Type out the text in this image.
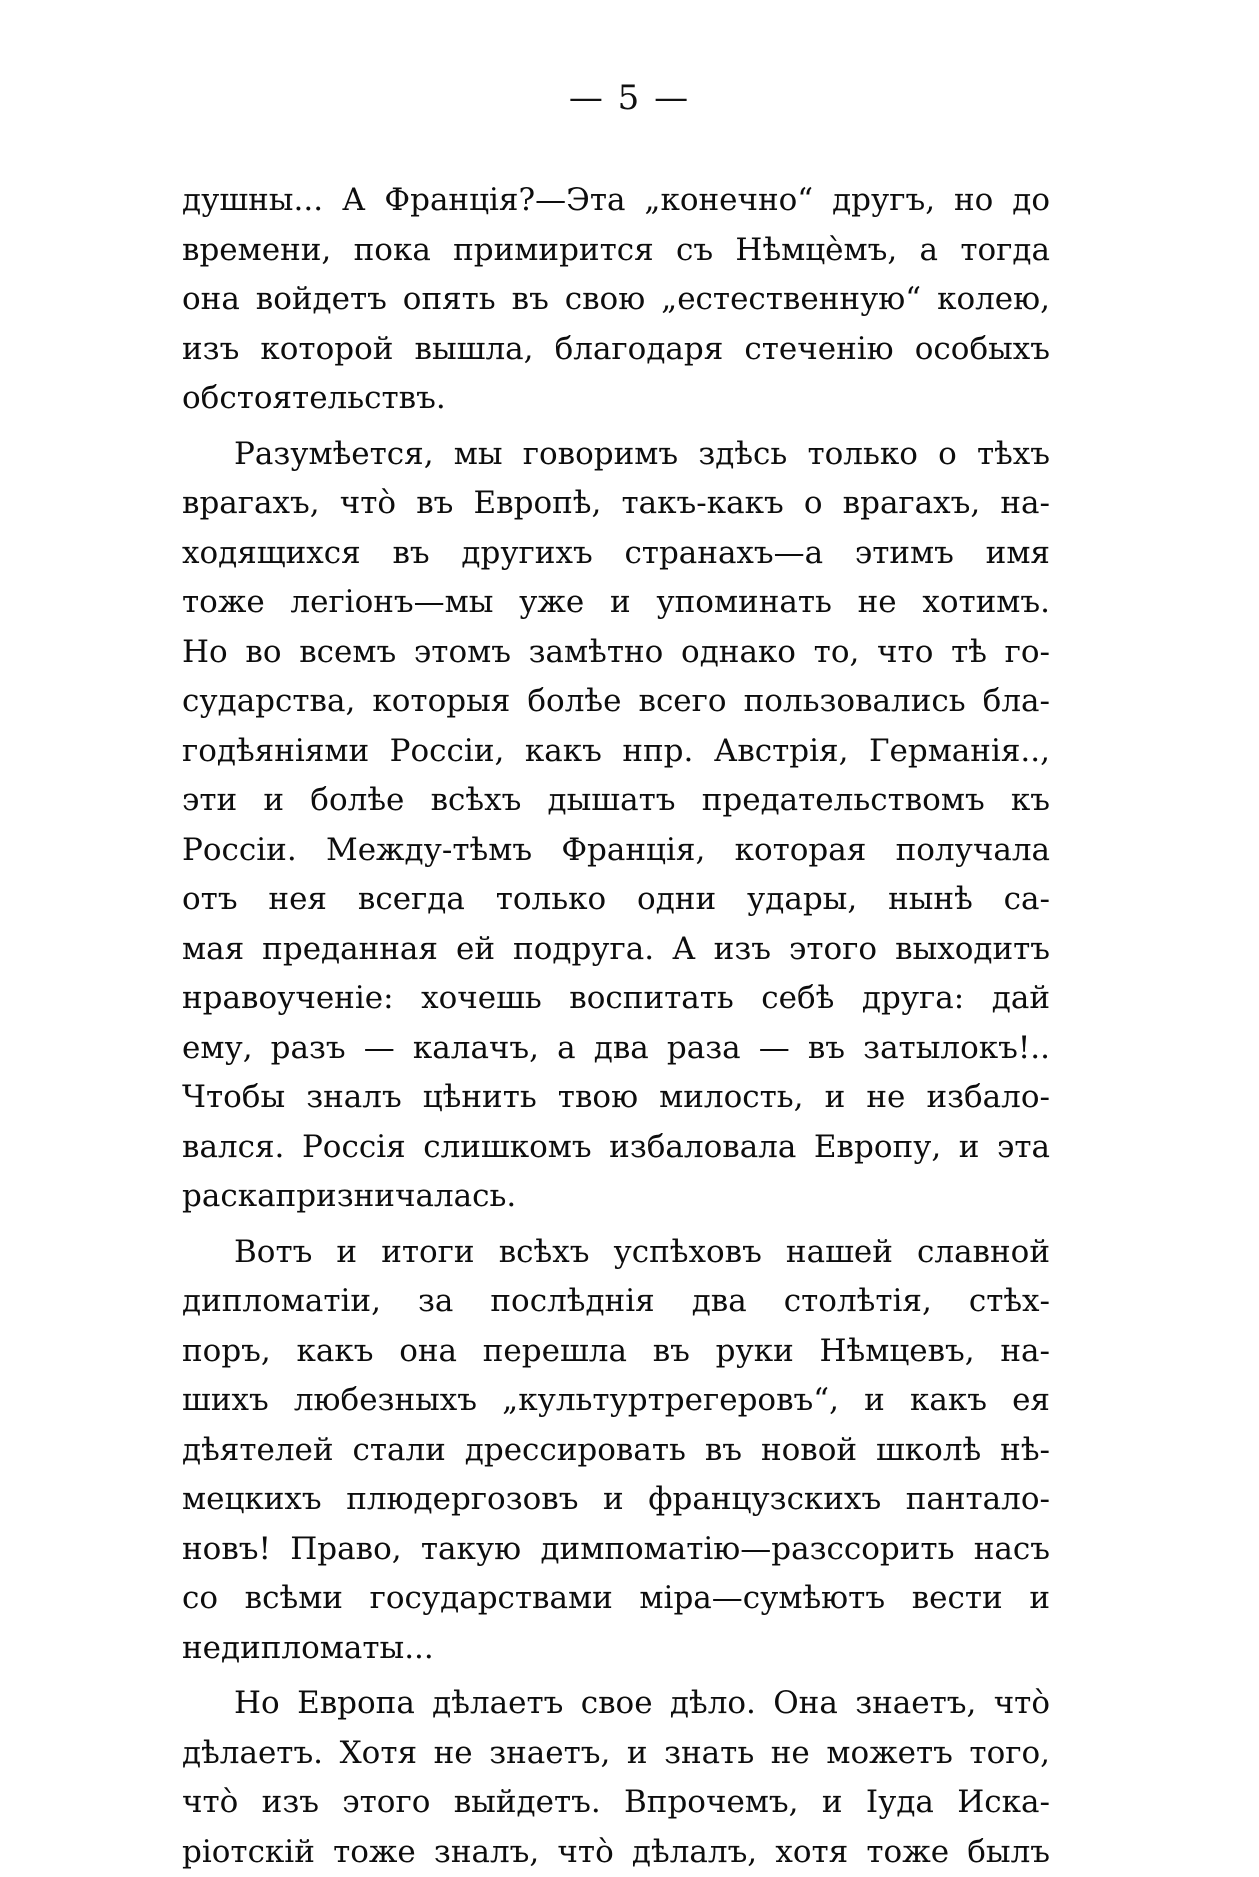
— 5 —
душны... А Франція?—Эта „конечно“ другъ, но до
времени, пока примирится съ Нѣмцѐмъ, а тогда
она войдетъ опять въ свою „естественную“ колею,
изъ которой вышла, благодаря стеченію особыхъ
обстоятельствъ.
Разумѣется, мы говоримъ здѣсь только о тѣхъ
врагахъ, что̀ въ Европѣ, такъ-какъ о врагахъ, на-
ходящихся въ другихъ странахъ—а этимъ имя
тоже легіонъ—мы уже и упоминать не хотимъ.
Но во всемъ этомъ замѣтно однако то, что тѣ го-
сударства, которыя болѣе всего пользовались бла-
годѣяніями Россіи, какъ нпр. Австрія, Германія..,
эти и болѣе всѣхъ дышатъ предательствомъ къ
Россіи. Между-тѣмъ Франція, которая получала
отъ нея всегда только одни удары, нынѣ са-
мая преданная ей подруга. А изъ этого выходитъ
нравоученіе: хочешь воспитать себѣ друга: дай
ему, разъ — калачъ, а два раза — въ затылокъ!..
Чтобы зналъ цѣнить твою милость, и не избало-
вался. Россія слишкомъ избаловала Европу, и эта
раскапризничалась.
Вотъ и итоги всѣхъ успѣховъ нашей славной
дипломатіи, за послѣднія два столѣтія, стѣх-
поръ, какъ она перешла въ руки Нѣмцевъ, на-
шихъ любезныхъ „культуртрегеровъ“, и какъ ея
дѣятелей стали дрессировать въ новой школѣ нѣ-
мецкихъ плюдергозовъ и французскихъ панталo-
новъ! Право, такую димпоматію—разссорить насъ
со всѣми государствами міра—сумѣютъ вести и
недипломаты...
Но Европа дѣлаетъ свое дѣло. Она знаетъ, что̀
дѣлаетъ. Хотя не знаетъ, и знать не можетъ того,
что̀ изъ этого выйдетъ. Впрочемъ, и Іуда Иска-
ріотскій тоже зналъ, что̀ дѣлалъ, хотя тоже былъ
